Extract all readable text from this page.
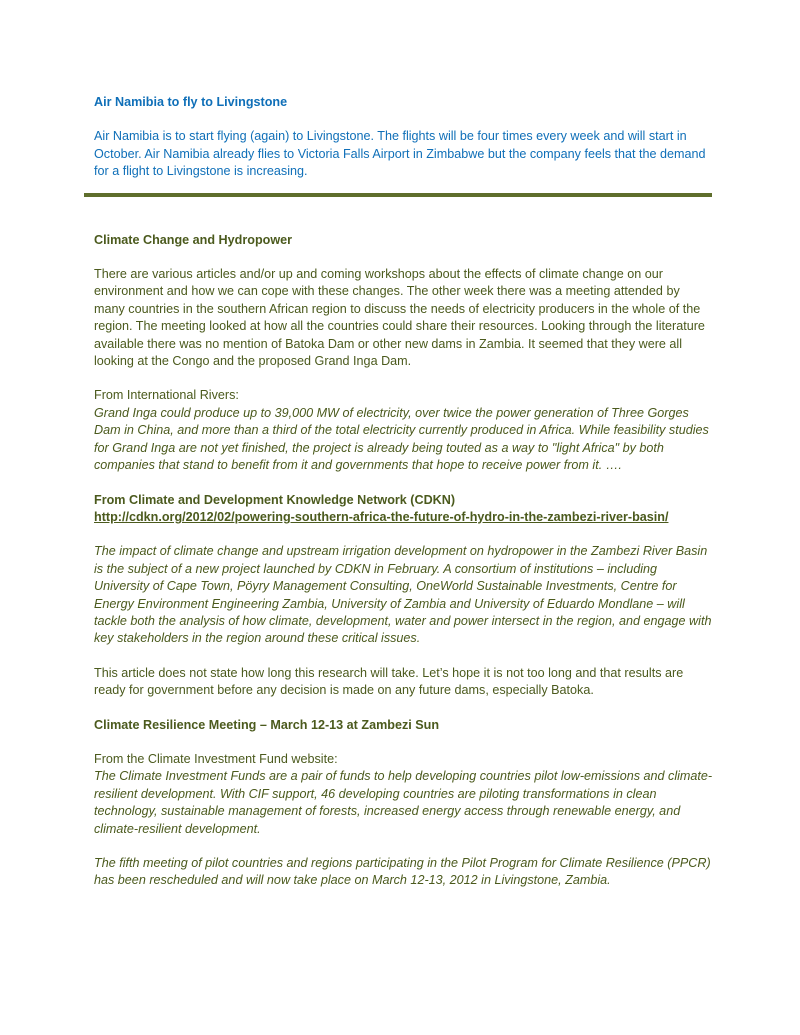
Air Namibia to fly to Livingstone

Air Namibia is to start flying (again) to Livingstone. The flights will be four times every week and will start in October. Air Namibia already flies to Victoria Falls Airport in Zimbabwe but the company feels that the demand for a flight to Livingstone is increasing.

Climate Change and Hydropower

There are various articles and/or up and coming workshops about the effects of climate change on our environment and how we can cope with these changes. The other week there was a meeting attended by many countries in the southern African region to discuss the needs of electricity producers in the whole of the region. The meeting looked at how all the countries could share their resources. Looking through the literature available there was no mention of Batoka Dam or other new dams in Zambia. It seemed that they were all looking at the Congo and the proposed Grand Inga Dam.

From International Rivers:

Grand Inga could produce up to 39,000 MW of electricity, over twice the power generation of Three Gorges Dam in China, and more than a third of the total electricity currently produced in Africa. While feasibility studies for Grand Inga are not yet finished, the project is already being touted as a way to "light Africa" by both companies that stand to benefit from it and governments that hope to receive power from it. ….

From Climate and Development Knowledge Network (CDKN)

http://cdkn.org/2012/02/powering-southern-africa-the-future-of-hydro-in-the-zambezi-river-basin/

The impact of climate change and upstream irrigation development on hydropower in the Zambezi River Basin is the subject of a new project launched by CDKN in February. A consortium of institutions – including University of Cape Town, Pöyry Management Consulting, OneWorld Sustainable Investments, Centre for Energy Environment Engineering Zambia, University of Zambia and University of Eduardo Mondlane – will tackle both the analysis of how climate, development, water and power intersect in the region, and engage with key stakeholders in the region around these critical issues.

This article does not state how long this research will take. Let’s hope it is not too long and that results are ready for government before any decision is made on any future dams, especially Batoka.

Climate Resilience Meeting – March 12-13 at Zambezi Sun

From the Climate Investment Fund website:

The Climate Investment Funds are a pair of funds to help developing countries pilot low-emissions and climate-resilient development. With CIF support, 46 developing countries are piloting transformations in clean technology, sustainable management of forests, increased energy access through renewable energy, and climate-resilient development.

The fifth meeting of pilot countries and regions participating in the Pilot Program for Climate Resilience (PPCR) has been rescheduled and will now take place on March 12-13, 2012 in Livingstone, Zambia.
